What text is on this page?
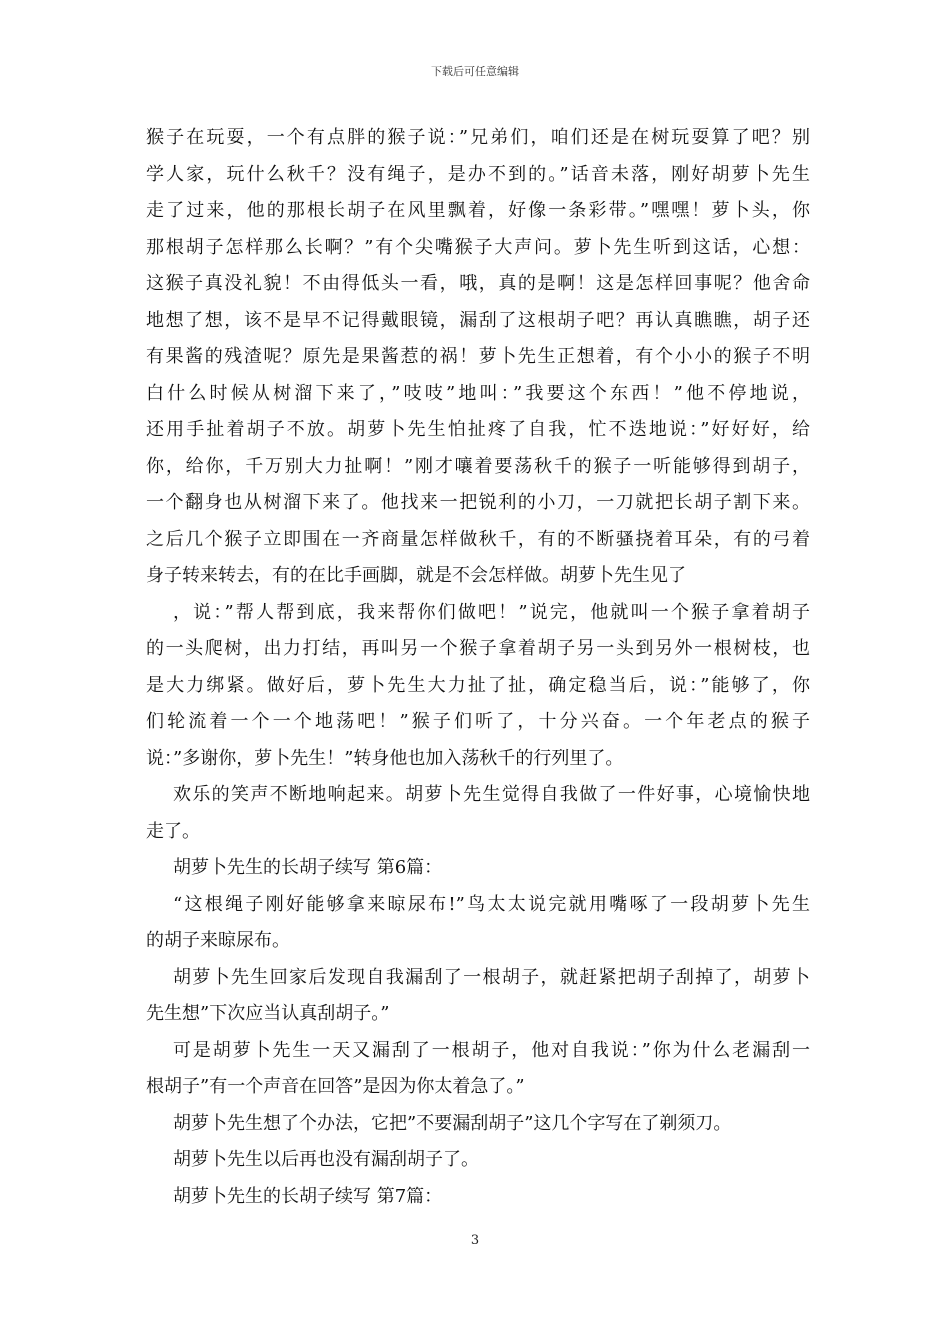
下载后可任意编辑
猴子在玩耍，一个有点胖的猴子说：”兄弟们，咱们还是在树玩耍算了吧？别
学人家，玩什么秋千？没有绳子，是办不到的。”话音未落，刚好胡萝卜先生
走了过来，他的那根长胡子在风里飘着，好像一条彩带。”嘿嘿！萝卜头，你
那根胡子怎样那么长啊？”有个尖嘴猴子大声问。萝卜先生听到这话，心想：
这猴子真没礼貌！不由得低头一看，哦，真的是啊！这是怎样回事呢？他舍命
地想了想，该不是早不记得戴眼镜，漏刮了这根胡子吧？再认真瞧瞧，胡子还
有果酱的残渣呢？原先是果酱惹的祸！萝卜先生正想着，有个小小的猴子不明
白什么时候从树溜下来了，”吱吱”地叫：”我要这个东西！”他不停地说，
还用手扯着胡子不放。胡萝卜先生怕扯疼了自我，忙不迭地说：”好好好，给
你，给你，千万别大力扯啊！”刚才嚷着要荡秋千的猴子一听能够得到胡子，
一个翻身也从树溜下来了。他找来一把锐利的小刀，一刀就把长胡子割下来。
之后几个猴子立即围在一齐商量怎样做秋千，有的不断骚挠着耳朵，有的弓着
身子转来转去，有的在比手画脚，就是不会怎样做。胡萝卜先生见了
，说：”帮人帮到底，我来帮你们做吧！”说完，他就叫一个猴子拿着胡子
的一头爬树，出力打结，再叫另一个猴子拿着胡子另一头到另外一根树枝，也
是大力绑紧。做好后，萝卜先生大力扯了扯，确定稳当后，说：”能够了，你
们轮流着一个一个地荡吧！”猴子们听了，十分兴奋。一个年老点的猴子
说：”多谢你，萝卜先生！”转身他也加入荡秋千的行列里了。
欢乐的笑声不断地响起来。胡萝卜先生觉得自我做了一件好事，心境愉快地
走了。
胡萝卜先生的长胡子续写 第6篇：
“这根绳子刚好能够拿来晾尿布!”鸟太太说完就用嘴啄了一段胡萝卜先生
的胡子来晾尿布。
胡萝卜先生回家后发现自我漏刮了一根胡子，就赶紧把胡子刮掉了，胡萝卜
先生想”下次应当认真刮胡子。”
可是胡萝卜先生一天又漏刮了一根胡子，他对自我说：”你为什么老漏刮一
根胡子”有一个声音在回答”是因为你太着急了。”
胡萝卜先生想了个办法，它把”不要漏刮胡子”这几个字写在了剃须刀。
胡萝卜先生以后再也没有漏刮胡子了。
胡萝卜先生的长胡子续写 第7篇：
3
